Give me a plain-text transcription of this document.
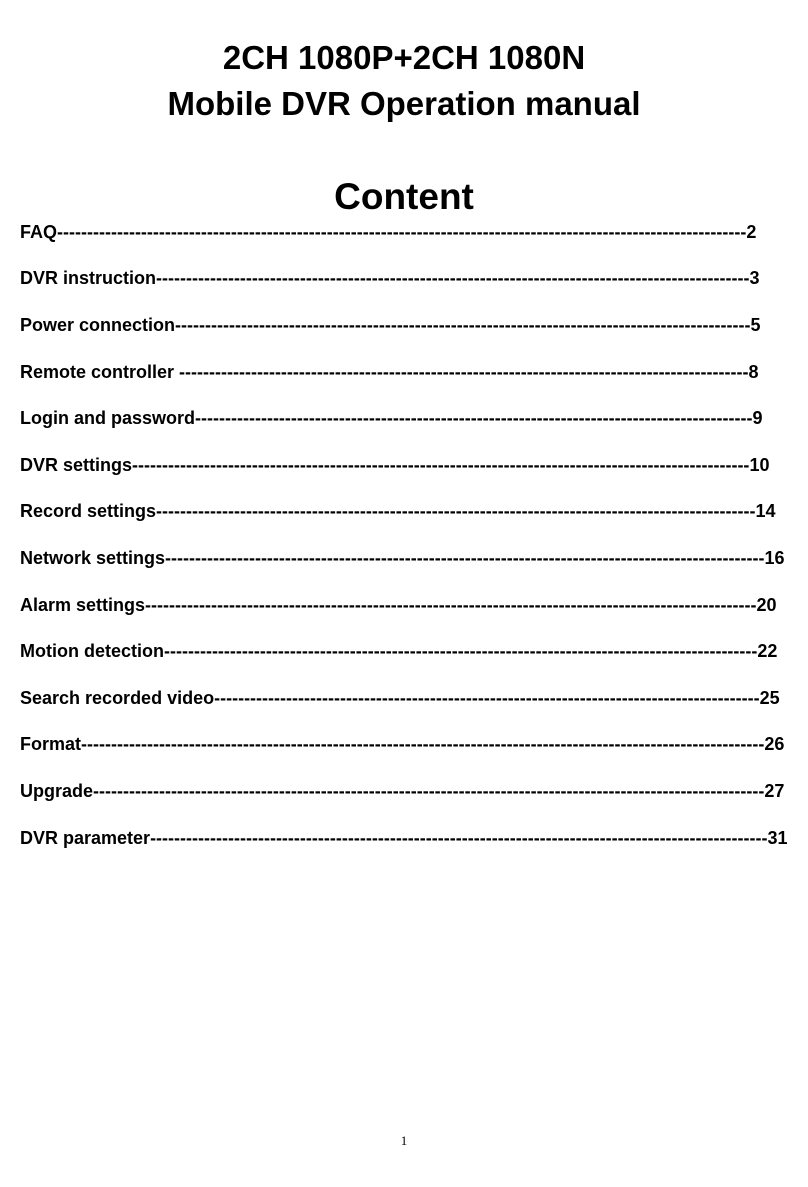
2CH 1080P+2CH 1080N
Mobile DVR Operation manual
Content
FAQ-------------------------------------------------------------------------------------------------------------------2
DVR instruction---------------------------------------------------------------------------------------------------3
Power connection------------------------------------------------------------------------------------------------5
Remote controller -----------------------------------------------------------------------------------------------8
Login and password---------------------------------------------------------------------------------------------9
DVR settings-------------------------------------------------------------------------------------------------------10
Record settings----------------------------------------------------------------------------------------------------14
Network settings----------------------------------------------------------------------------------------------------16
Alarm settings------------------------------------------------------------------------------------------------------20
Motion detection---------------------------------------------------------------------------------------------------22
Search recorded video-------------------------------------------------------------------------------------------25
Format------------------------------------------------------------------------------------------------------------------26
Upgrade----------------------------------------------------------------------------------------------------------------27
DVR parameter-------------------------------------------------------------------------------------------------------31
1
